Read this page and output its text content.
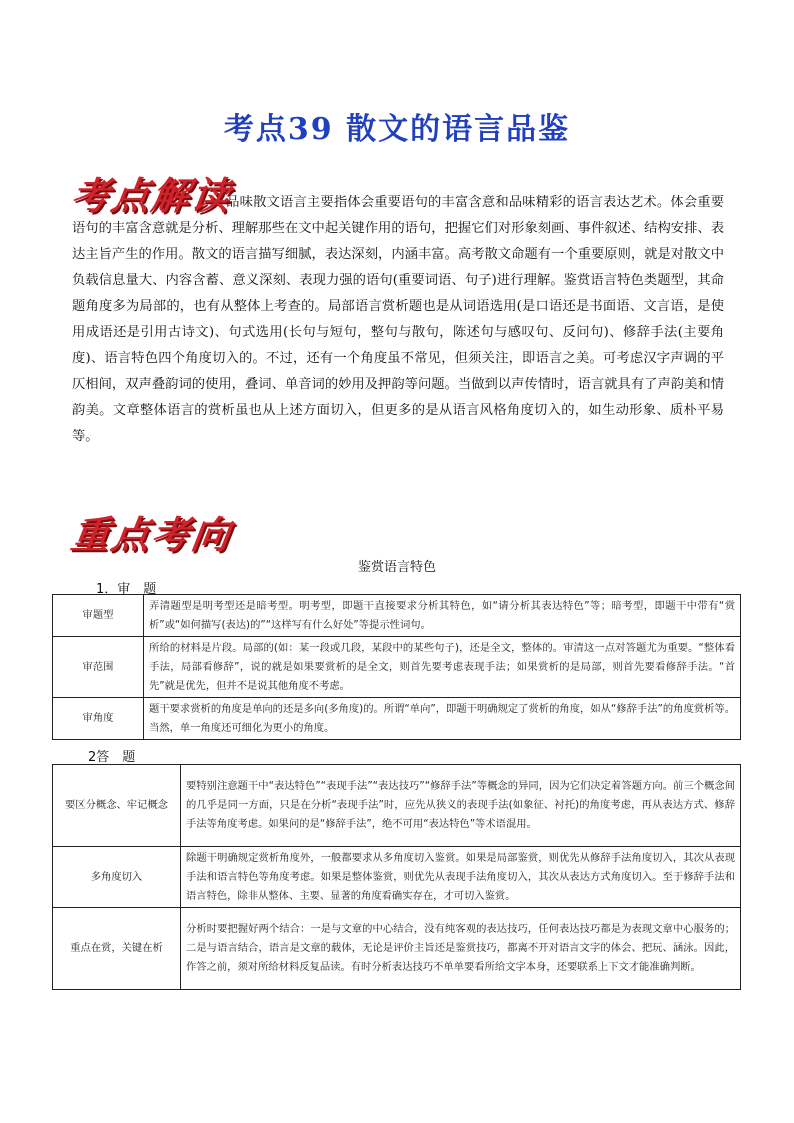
考点39 散文的语言品鉴
考点解读

品味散文语言主要指体会重要语句的丰富含意和品味精彩的语言表达艺术。体会重要语句的丰富含意就是分析、理解那些在文中起关键作用的语句，把握它们对形象刻画、事件叙述、结构安排、表达主旨产生的作用。散文的语言描写细腻，表达深刻，内涵丰富。高考散文命题有一个重要原则，就是对散文中负载信息量大、内容含蓄、意义深刻、表现力强的语句(重要词语、句子)进行理解。鉴赏语言特色类题型，其命题角度多为局部的，也有从整体上考查的。局部语言赏析题也是从词语选用(是口语还是书面语、文言语，是使用成语还是引用古诗文)、句式选用(长句与短句，整句与散句，陈述句与感叹句、反问句)、修辞手法(主要角度)、语言特色四个角度切入的。不过，还有一个角度虽不常见，但须关注，即语言之美。可考虑汉字声调的平仄相间，双声叠韵词的使用，叠词、单音词的妙用及押韵等问题。当做到以声传情时，语言就具有了声韵美和情韵美。文章整体语言的赏析虽也从上述方面切入，但更多的是从语言风格角度切入的，如生动形象、质朴平易等。

重点考向
鉴赏语言特色
1．审　题
审题型	弄清题型是明考型还是暗考型。明考型，即题干直接要求分析其特色，如“请分析其表达特色”等；暗考型，即题干中带有“赏析”或“如何描写(表达)的”“这样写有什么好处”等提示性词句。
审范围	所给的材料是片段。局部的(如：某一段或几段，某段中的某些句子)，还是全文，整体的。审清这一点对答题尤为重要。“整体看手法，局部看修辞”，说的就是如果要赏析的是全文，则首先要考虑表现手法；如果赏析的是局部，则首先要看修辞手法。“首先”就是优先，但并不是说其他角度不考虑。
审角度	题干要求赏析的角度是单向的还是多向(多角度)的。所谓“单向”，即题干明确规定了赏析的角度，如从“修辞手法”的角度赏析等。当然，单一角度还可细化为更小的角度。
2答　题
要区分概念、牢记概念	要特别注意题干中“表达特色”“表现手法”“表达技巧”“修辞手法”等概念的异同，因为它们决定着答题方向。前三个概念间的几乎是同一方面，只是在分析“表现手法”时，应先从狭义的表现手法(如象征、衬托)的角度考虑，再从表达方式、修辞手法等角度考虑。如果问的是“修辞手法”，绝不可用“表达特色”等术语混用。
多角度切入	除题干明确规定赏析角度外，一般都要求从多角度切入鉴赏。如果是局部鉴赏，则优先从修辞手法角度切入，其次从表现手法和语言特色等角度考虑。如果是整体鉴赏，则优先从表现手法角度切入，其次从表达方式角度切入。至于修辞手法和语言特色，除非从整体、主要、显著的角度看确实存在，才可切入鉴赏。
重点在赏，关键在析	分析时要把握好两个结合：一是与文章的中心结合，没有纯客观的表达技巧，任何表达技巧都是为表现文章中心服务的；二是与语言结合，语言是文章的载体，无论是评价主旨还是鉴赏技巧，都离不开对语言文字的体会、把玩、涵泳。因此，作答之前，须对所给材料反复品读。有时分析表达技巧不单单要看所给文字本身，还要联系上下文才能准确判断。
